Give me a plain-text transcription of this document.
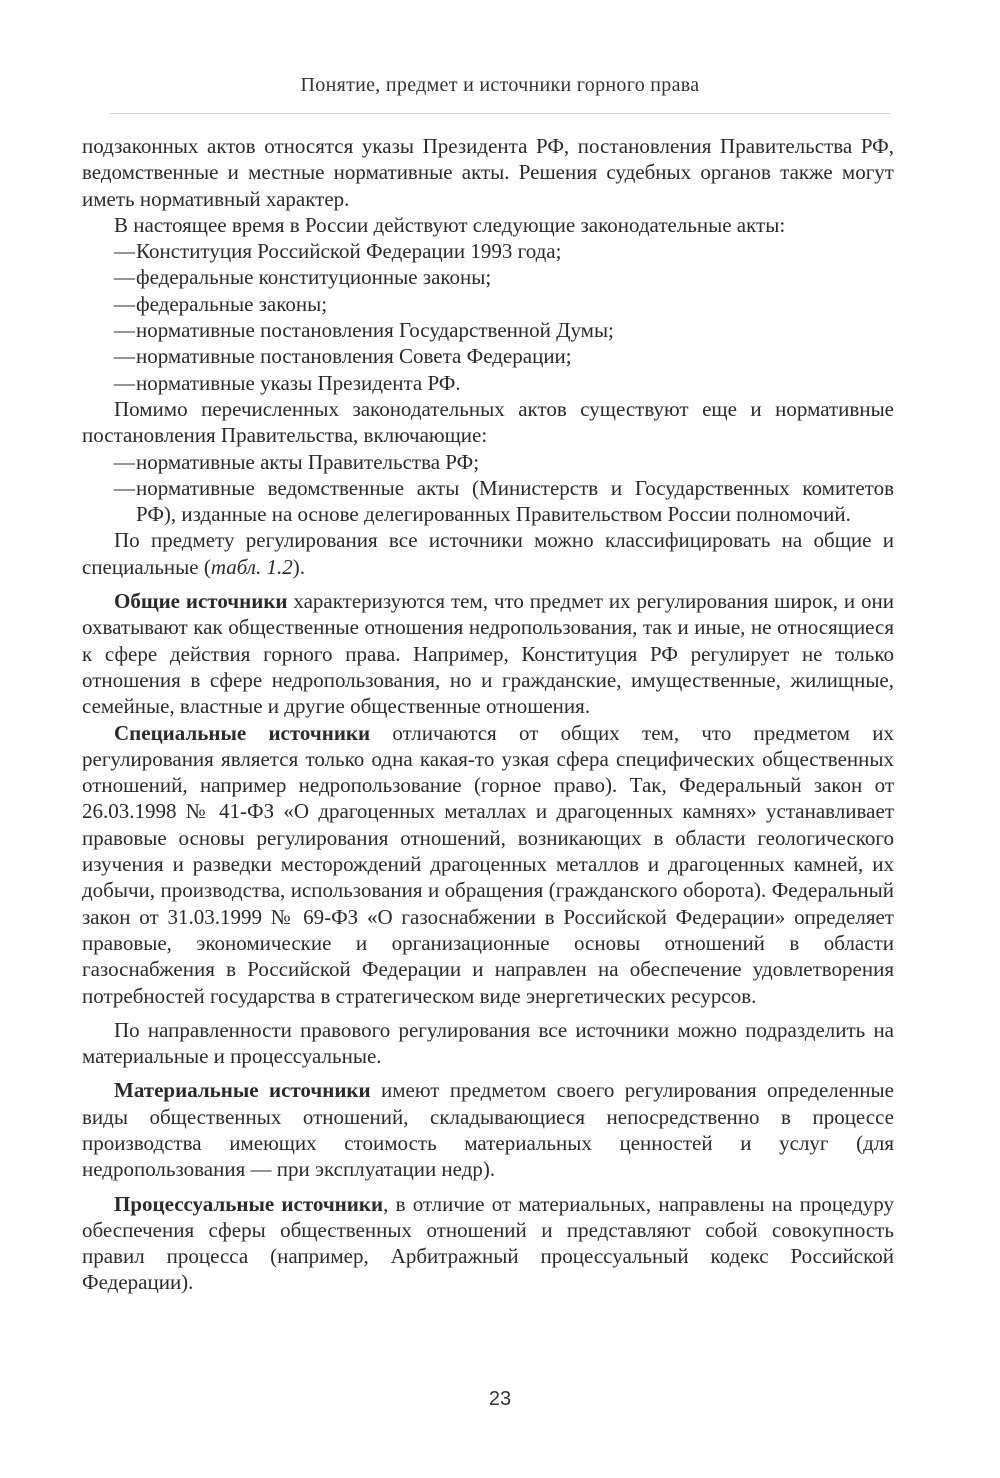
Понятие, предмет и источники горного права

подзаконных актов относятся указы Президента РФ, постановления Правительства РФ, ведомственные и местные нормативные акты. Решения судебных органов также могут иметь нормативный характер.

В настоящее время в России действуют следующие законодательные акты:

— Конституция Российской Федерации 1993 года;
— федеральные конституционные законы;
— федеральные законы;
— нормативные постановления Государственной Думы;
— нормативные постановления Совета Федерации;
— нормативные указы Президента РФ.

Помимо перечисленных законодательных актов существуют еще и нормативные постановления Правительства, включающие:

— нормативные акты Правительства РФ;
— нормативные ведомственные акты (Министерств и Государственных комитетов РФ), изданные на основе делегированных Правительством России полномочий.

По предмету регулирования все источники можно классифицировать на общие и специальные (табл. 1.2).

Общие источники характеризуются тем, что предмет их регулирования широк, и они охватывают как общественные отношения недропользования, так и иные, не относящиеся к сфере действия горного права. Например, Конституция РФ регулирует не только отношения в сфере недропользования, но и гражданские, имущественные, жилищные, семейные, властные и другие общественные отношения.

Специальные источники отличаются от общих тем, что предметом их регулирования является только одна какая-то узкая сфера специфических общественных отношений, например недропользование (горное право). Так, Федеральный закон от 26.03.1998 № 41-ФЗ «О драгоценных металлах и драгоценных камнях» устанавливает правовые основы регулирования отношений, возникающих в области геологического изучения и разведки месторождений драгоценных металлов и драгоценных камней, их добычи, производства, использования и обращения (гражданского оборота). Федеральный закон от 31.03.1999 № 69-ФЗ «О газоснабжении в Российской Федерации» определяет правовые, экономические и организационные основы отношений в области газоснабжения в Российской Федерации и направлен на обеспечение удовлетворения потребностей государства в стратегическом виде энергетических ресурсов.

По направленности правового регулирования все источники можно подразделить на материальные и процессуальные.

Материальные источники имеют предметом своего регулирования определенные виды общественных отношений, складывающиеся непосредственно в процессе производства имеющих стоимость материальных ценностей и услуг (для недропользования — при эксплуатации недр).

Процессуальные источники, в отличие от материальных, направлены на процедуру обеспечения сферы общественных отношений и представляют собой совокупность правил процесса (например, Арбитражный процессуальный кодекс Российской Федерации).

23
